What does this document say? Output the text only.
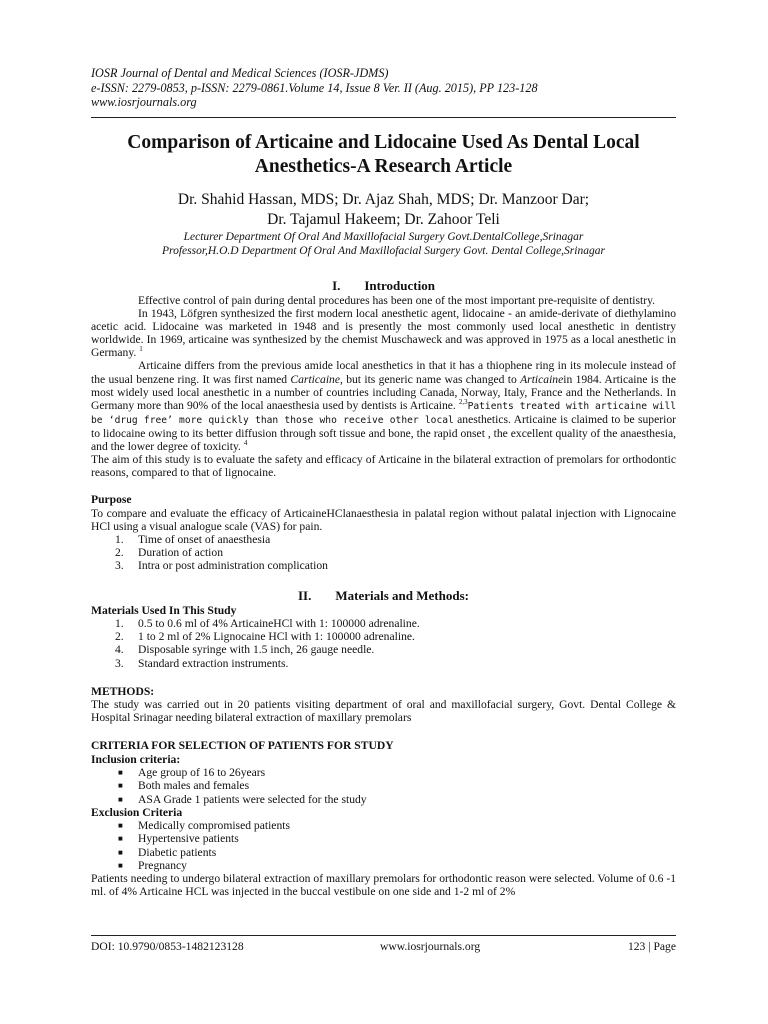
IOSR Journal of Dental and Medical Sciences (IOSR-JDMS)
e-ISSN: 2279-0853, p-ISSN: 2279-0861.Volume 14, Issue 8 Ver. II (Aug. 2015), PP 123-128
www.iosrjournals.org
Comparison of Articaine and Lidocaine Used As Dental Local
Anesthetics-A Research Article
Dr. Shahid Hassan, MDS; Dr. Ajaz Shah, MDS; Dr. Manzoor Dar;
Dr. Tajamul Hakeem; Dr. Zahoor Teli
Lecturer Department Of Oral And Maxillofacial Surgery Govt.DentalCollege,Srinagar
Professor,H.O.D Department Of Oral And Maxillofacial Surgery Govt. Dental College,Srinagar
I. Introduction

Effective control of pain during dental procedures has been one of the most important pre-requisite of dentistry.

In 1943, Löfgren synthesized the first modern local anesthetic agent, lidocaine - an amide-derivate of diethylamino acetic acid. Lidocaine was marketed in 1948 and is presently the most commonly used local anesthetic in dentistry worldwide. In 1969, articaine was synthesized by the chemist Muschaweck and was approved in 1975 as a local anesthetic in Germany. $^1$

Articaine differs from the previous amide local anesthetics in that it has a thiophene ring in its molecule instead of the usual benzene ring. It was first named Carticaine, but its generic name was changed to Articainein 1984. Articaine is the most widely used local anesthetic in a number of countries including Canada, Norway, Italy, France and the Netherlands. In Germany more than 90% of the local anaesthesia used by dentists is Articaine. $^{2,3}$Patients treated with articaine will be ‘drug free’ more quickly than those who receive other local anesthetics. Articaine is claimed to be superior to lidocaine owing to its better diffusion through soft tissue and bone, the rapid onset , the excellent quality of the anaesthesia, and the lower degree of toxicity. $^4$

The aim of this study is to evaluate the safety and efficacy of Articaine in the bilateral extraction of premolars for orthodontic reasons, compared to that of lignocaine.

Purpose

To compare and evaluate the efficacy of ArticaineHClanaesthesia in palatal region without palatal injection with Lignocaine HCl using a visual analogue scale (VAS) for pain.

1. Time of onset of anaesthesia
2. Duration of action
3. Intra or post administration complication
II. Materials and Methods:
Materials Used In This Study
1. 0.5 to 0.6 ml of 4% ArticaineHCl with 1: 100000 adrenaline.
2. 1 to 2 ml of 2% Lignocaine HCl with 1: 100000 adrenaline.
4. Disposable syringe with 1.5 inch, 26 gauge needle.
3. Standard extraction instruments.
METHODS:

The study was carried out in 20 patients visiting department of oral and maxillofacial surgery, Govt. Dental College & Hospital Srinagar needing bilateral extraction of maxillary premolars

CRITERIA FOR SELECTION OF PATIENTS FOR STUDY
Inclusion criteria:
■ Age group of 16 to 26years
■ Both males and females
■ ASA Grade 1 patients were selected for the study
Exclusion Criteria
■ Medically compromised patients
■ Hypertensive patients
■ Diabetic patients
■ Pregnancy

Patients needing to undergo bilateral extraction of maxillary premolars for orthodontic reason were selected. Volume of 0.6 -1 ml. of 4% Articaine HCL was injected in the buccal vestibule on one side and 1-2 ml of 2%

DOI: 10.9790/0853-1482123128	www.iosrjournals.org	123 | Page
